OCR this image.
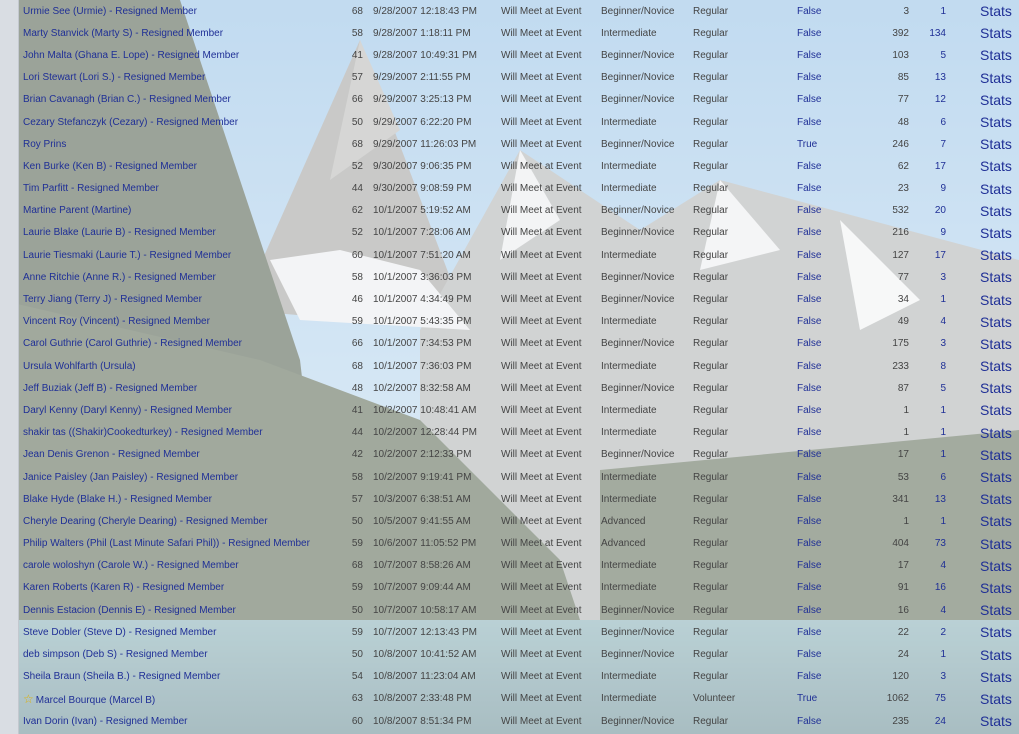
Urmie See (Urmie) - Resigned Member	68	9/28/2007 12:18:43 PM	Will Meet at Event	Beginner/Novice	Regular	False	3	1	Stats
Marty Stanvick (Marty S) - Resigned Member	58	9/28/2007 1:18:11 PM	Will Meet at Event	Intermediate	Regular	False	392	134	Stats
John Malta (Ghana E. Lope) - Resigned Member	41	9/28/2007 10:49:31 PM	Will Meet at Event	Beginner/Novice	Regular	False	103	5	Stats
Lori Stewart (Lori S.) - Resigned Member	57	9/29/2007 2:11:55 PM	Will Meet at Event	Beginner/Novice	Regular	False	85	13	Stats
Brian Cavanagh (Brian C.) - Resigned Member	66	9/29/2007 3:25:13 PM	Will Meet at Event	Beginner/Novice	Regular	False	77	12	Stats
Cezary Stefanczyk (Cezary) - Resigned Member	50	9/29/2007 6:22:20 PM	Will Meet at Event	Intermediate	Regular	False	48	6	Stats
Roy Prins	68	9/29/2007 11:26:03 PM	Will Meet at Event	Beginner/Novice	Regular	True	246	7	Stats
Ken Burke (Ken B) - Resigned Member	52	9/30/2007 9:06:35 PM	Will Meet at Event	Intermediate	Regular	False	62	17	Stats
Tim Parfitt - Resigned Member	44	9/30/2007 9:08:59 PM	Will Meet at Event	Intermediate	Regular	False	23	9	Stats
Martine Parent (Martine)	62	10/1/2007 5:19:52 AM	Will Meet at Event	Beginner/Novice	Regular	False	532	20	Stats
Laurie Blake (Laurie B) - Resigned Member	52	10/1/2007 7:28:06 AM	Will Meet at Event	Beginner/Novice	Regular	False	216	9	Stats
Laurie Tiesmaki (Laurie T.) - Resigned Member	60	10/1/2007 7:51:20 AM	Will Meet at Event	Intermediate	Regular	False	127	17	Stats
Anne Ritchie (Anne R.) - Resigned Member	58	10/1/2007 3:36:03 PM	Will Meet at Event	Beginner/Novice	Regular	False	77	3	Stats
Terry Jiang (Terry J) - Resigned Member	46	10/1/2007 4:34:49 PM	Will Meet at Event	Beginner/Novice	Regular	False	34	1	Stats
Vincent Roy (Vincent) - Resigned Member	59	10/1/2007 5:43:35 PM	Will Meet at Event	Intermediate	Regular	False	49	4	Stats
Carol Guthrie (Carol Guthrie) - Resigned Member	66	10/1/2007 7:34:53 PM	Will Meet at Event	Beginner/Novice	Regular	False	175	3	Stats
Ursula Wohlfarth (Ursula)	68	10/1/2007 7:36:03 PM	Will Meet at Event	Intermediate	Regular	False	233	8	Stats
Jeff Buziak (Jeff B) - Resigned Member	48	10/2/2007 8:32:58 AM	Will Meet at Event	Beginner/Novice	Regular	False	87	5	Stats
Daryl Kenny (Daryl Kenny) - Resigned Member	41	10/2/2007 10:48:41 AM	Will Meet at Event	Intermediate	Regular	False	1	1	Stats
shakir tas ((Shakir)Cookedturkey) - Resigned Member	44	10/2/2007 12:28:44 PM	Will Meet at Event	Intermediate	Regular	False	1	1	Stats
Jean Denis Grenon - Resigned Member	42	10/2/2007 2:12:33 PM	Will Meet at Event	Beginner/Novice	Regular	False	17	1	Stats
Janice Paisley (Jan Paisley) - Resigned Member	58	10/2/2007 9:19:41 PM	Will Meet at Event	Intermediate	Regular	False	53	6	Stats
Blake Hyde (Blake H.) - Resigned Member	57	10/3/2007 6:38:51 AM	Will Meet at Event	Intermediate	Regular	False	341	13	Stats
Cheryle Dearing (Cheryle Dearing) - Resigned Member	50	10/5/2007 9:41:55 AM	Will Meet at Event	Advanced	Regular	False	1	1	Stats
Philip Walters (Phil (Last Minute Safari Phil)) - Resigned Member	59	10/6/2007 11:05:52 PM	Will Meet at Event	Advanced	Regular	False	404	73	Stats
carole woloshyn (Carole W.) - Resigned Member	68	10/7/2007 8:58:26 AM	Will Meet at Event	Intermediate	Regular	False	17	4	Stats
Karen Roberts (Karen R) - Resigned Member	59	10/7/2007 9:09:44 AM	Will Meet at Event	Intermediate	Regular	False	91	16	Stats
Dennis Estacion (Dennis E) - Resigned Member	50	10/7/2007 10:58:17 AM	Will Meet at Event	Beginner/Novice	Regular	False	16	4	Stats
Steve Dobler (Steve D) - Resigned Member	59	10/7/2007 12:13:43 PM	Will Meet at Event	Beginner/Novice	Regular	False	22	2	Stats
deb simpson (Deb S) - Resigned Member	50	10/8/2007 10:41:52 AM	Will Meet at Event	Beginner/Novice	Regular	False	24	1	Stats
Sheila Braun (Sheila B.) - Resigned Member	54	10/8/2007 11:23:04 AM	Will Meet at Event	Intermediate	Regular	False	120	3	Stats
☆ Marcel Bourque (Marcel B)	63	10/8/2007 2:33:48 PM	Will Meet at Event	Intermediate	Volunteer	True	1062	75	Stats
Ivan Dorin (Ivan) - Resigned Member	60	10/8/2007 8:51:34 PM	Will Meet at Event	Beginner/Novice	Regular	False	235	24	Stats
